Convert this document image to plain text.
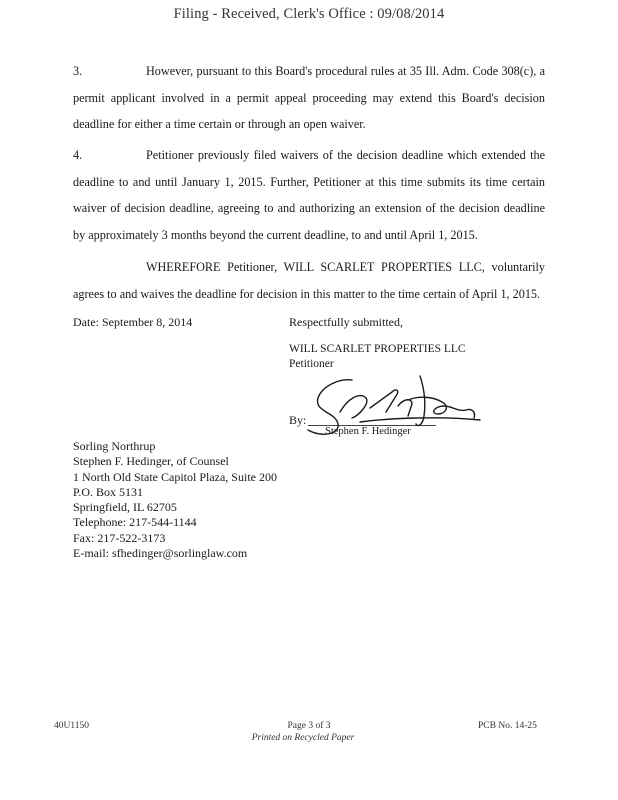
Filing - Received, Clerk's Office : 09/08/2014
3.	However, pursuant to this Board's procedural rules at 35 Ill. Adm. Code 308(c), a permit applicant involved in a permit appeal proceeding may extend this Board's decision deadline for either a time certain or through an open waiver.
4.	Petitioner previously filed waivers of the decision deadline which extended the deadline to and until January 1, 2015. Further, Petitioner at this time submits its time certain waiver of decision deadline, agreeing to and authorizing an extension of the decision deadline by approximately 3 months beyond the current deadline, to and until April 1, 2015.
WHEREFORE Petitioner, WILL SCARLET PROPERTIES LLC, voluntarily agrees to and waives the deadline for decision in this matter to the time certain of April 1, 2015.
Date: September 8, 2014	Respectfully submitted,
WILL SCARLET PROPERTIES LLC
Petitioner
By:
Stephen F. Hedinger
Sorling Northrup
Stephen F. Hedinger, of Counsel
1 North Old State Capitol Plaza, Suite 200
P.O. Box 5131
Springfield, IL 62705
Telephone: 217-544-1144
Fax: 217-522-3173
E-mail: sfhedinger@sorlinglaw.com
40U1150	Page 3 of 3
Printed on Recycled Paper
PCB No. 14-25
